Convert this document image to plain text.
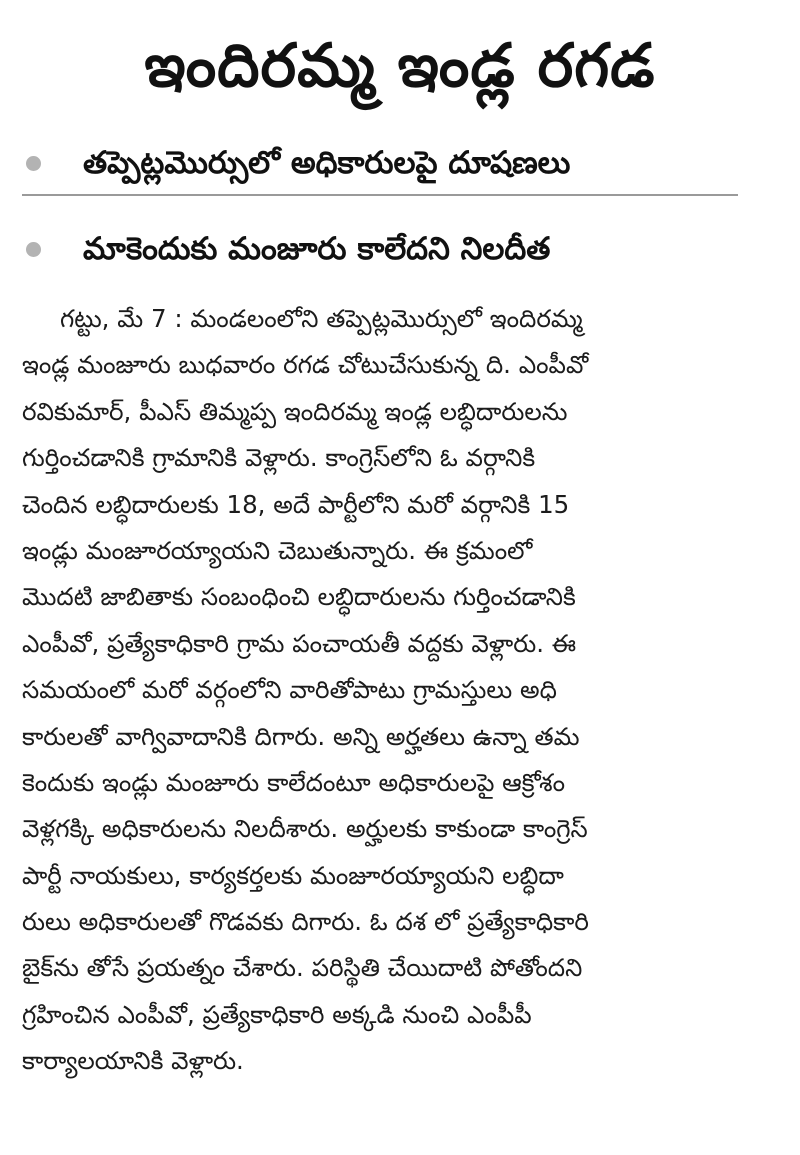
ఇందిరమ్మ ఇండ్ల రగడ
తప్పెట్లమొర్సులో అధికారులపై దూషణలు
మాకెందుకు మంజూరు కాలేదని నిలదీత
గట్టు, మే 7 : మండలంలోని తప్పెట్లమొర్సులో ఇందిరమ్మ
ఇండ్ల మంజూరు బుధవారం రగడ చోటుచేసుకున్న ది. ఎంపీవో
రవికుమార్, పీఎస్ తిమ్మప్ప ఇందిరమ్మ ఇండ్ల లబ్ధిదారులను
గుర్తించడానికి గ్రామానికి వెళ్లారు. కాంగ్రెస్‌లోని ఓ వర్గానికి
చెందిన లబ్ధిదారులకు 18, అదే పార్టీలోని మరో వర్గానికి 15
ఇండ్లు మంజూరయ్యాయని చెబుతున్నారు. ఈ క్రమంలో
మొదటి జాబితాకు సంబంధించి లబ్ధిదారులను గుర్తించడానికి
ఎంపీవో, ప్రత్యేకాధికారి గ్రామ పంచాయతీ వద్దకు వెళ్లారు. ఈ
సమయంలో మరో వర్గంలోని వారితోపాటు గ్రామస్తులు అధి
కారులతో వాగ్వివాదానికి దిగారు. అన్ని అర్హతలు ఉన్నా తమ
కెందుకు ఇండ్లు మంజూరు కాలేదంటూ అధికారులపై ఆక్రోశం
వెళ్లగక్కి అధికారులను నిలదీశారు. అర్హులకు కాకుండా కాంగ్రెస్
పార్టీ నాయకులు, కార్యకర్తలకు మంజూరయ్యాయని లబ్ధిదా
రులు అధికారులతో గొడవకు దిగారు. ఓ దశ లో ప్రత్యేకాధికారి
బైక్‌ను తోసే ప్రయత్నం చేశారు. పరిస్థితి చేయిదాటి పోతోందని
గ్రహించిన ఎంపీవో, ప్రత్యేకాధికారి అక్కడి నుంచి ఎంపీపీ
కార్యాలయానికి వెళ్లారు.
